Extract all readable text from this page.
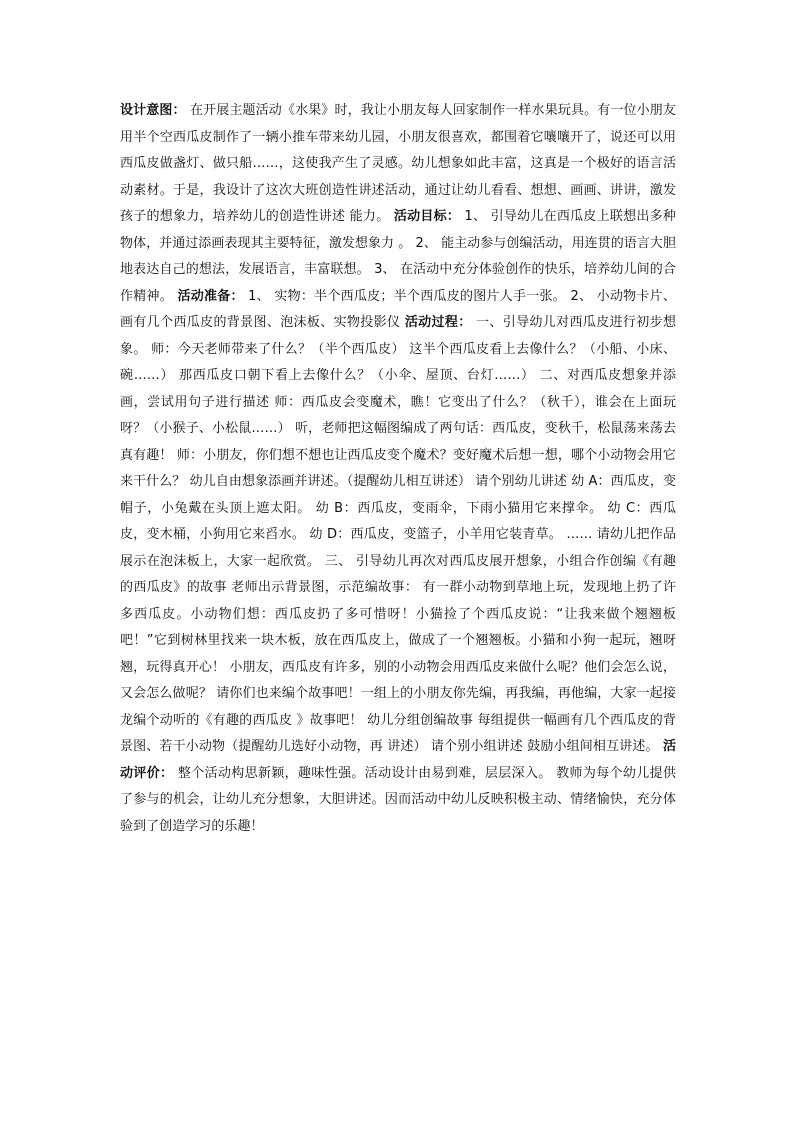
设计意图： 在开展主题活动《水果》时，我让小朋友每人回家制作一样水果玩具。有一位小朋友用半个空西瓜皮制作了一辆小推车带来幼儿园，小朋友很喜欢，都围着它嚷嚷开了，说还可以用西瓜皮做盏灯、做只船……，这使我产生了灵感。幼儿想象如此丰富，这真是一个极好的语言活动素材。于是，我设计了这次大班创造性讲述活动，通过让幼儿看看、想想、画画、讲讲，激发孩子的想象力，培养幼儿的创造性讲述 能力。

活动目标： 1、 引导幼儿在西瓜皮上联想出多种物体，并通过添画表现其主要特征，激发想象力 。 2、 能主动参与创编活动，用连贯的语言大胆地表达自己的想法，发展语言，丰富联想。 3、 在活动中充分体验创作的快乐，培养幼儿间的合作精神。

活动准备： 1、 实物：半个西瓜皮；半个西瓜皮的图片人手一张。 2、 小动物卡片、画有几个西瓜皮的背景图、泡沫板、实物投影仪

活动过程： 一、引导幼儿对西瓜皮进行初步想象。 师：今天老师带来了什么？（半个西瓜皮） 这半个西瓜皮看上去像什么？（小船、小床、碗……） 那西瓜皮口朝下看上去像什么？（小伞、屋顶、台灯……） 二、对西瓜皮想象并添画，尝试用句子进行描述 师：西瓜皮会变魔术，瞧！它变出了什么？（秋千），谁会在上面玩呀？（小猴子、小松鼠……） 听，老师把这幅图编成了两句话：西瓜皮，变秋千，松鼠荡来荡去真有趣！ 师：小朋友，你们想不想也让西瓜皮变个魔术？变好魔术后想一想，哪个小动物会用它来干什么？ 幼儿自由想象添画并讲述。（提醒幼儿相互讲述） 请个别幼儿讲述 幼 A：西瓜皮，变帽子，小兔戴在头顶上遮太阳。 幼 B：西瓜皮，变雨伞，下雨小猫用它来撑伞。 幼 C：西瓜皮，变木桶，小狗用它来舀水。 幼 D：西瓜皮，变篮子，小羊用它装青草。 …… 请幼儿把作品展示在泡沫板上，大家一起欣赏。 三、 引导幼儿再次对西瓜皮展开想象，小组合作创编《有趣的西瓜皮》的故事 老师出示背景图，示范编故事： 有一群小动物到草地上玩，发现地上扔了许多西瓜皮。小动物们想：西瓜皮扔了多可惜呀！小猫捡了个西瓜皮说：“让我来做个翘翘板吧！”它到树林里找来一块木板，放在西瓜皮上，做成了一个翘翘板。小猫和小狗一起玩，翘呀翘，玩得真开心！ 小朋友，西瓜皮有许多，别的小动物会用西瓜皮来做什么呢？他们会怎么说，又会怎么做呢？ 请你们也来编个故事吧！一组上的小朋友你先编，再我编，再他编，大家一起接龙编个动听的《有趣的西瓜皮 》故事吧！ 幼儿分组创编故事 每组提供一幅画有几个西瓜皮的背景图、若干小动物（提醒幼儿选好小动物，再 讲述） 请个别小组讲述 鼓励小组间相互讲述。

活动评价： 整个活动构思新颖，趣味性强。活动设计由易到难，层层深入。 教师为每个幼儿提供了参与的机会，让幼儿充分想象，大胆讲述。因而活动中幼儿反映积极主动、情绪愉快，充分体验到了创造学习的乐趣！
